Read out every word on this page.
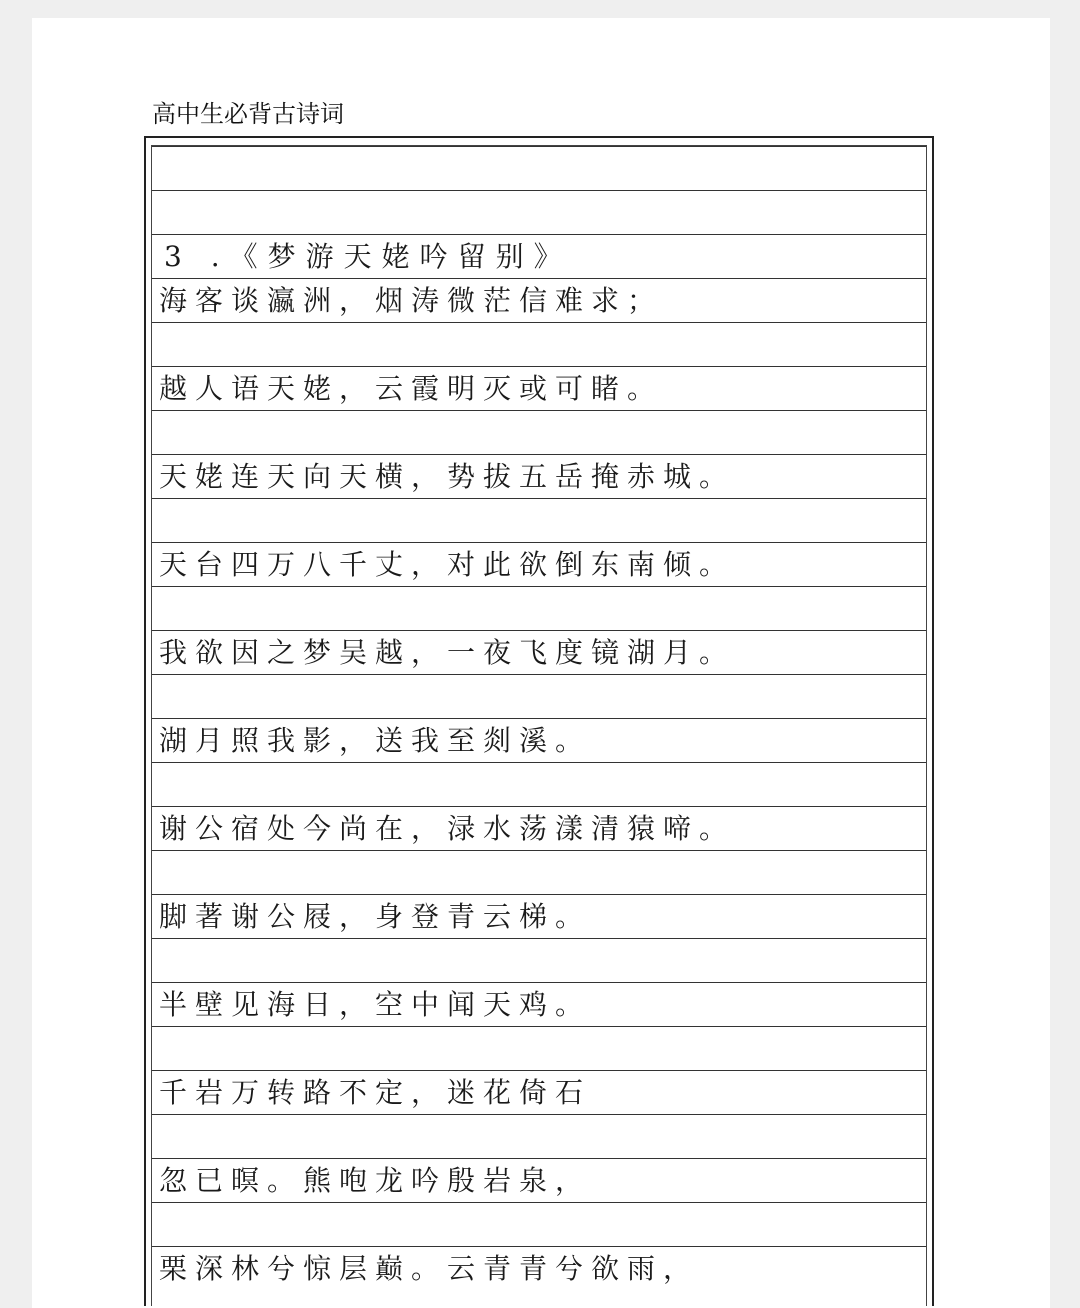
高中生必背古诗词
3 .《梦游天姥吟留别》
海客谈瀛洲，烟涛微茫信难求；
越人语天姥，云霞明灭或可睹。
天姥连天向天横，势拔五岳掩赤城。
天台四万八千丈，对此欲倒东南倾。
我欲因之梦吴越，一夜飞度镜湖月。
湖月照我影，送我至剡溪。
谢公宿处今尚在，渌水荡漾清猿啼。
脚著谢公屐，身登青云梯。
半壁见海日，空中闻天鸡。
千岩万转路不定，迷花倚石
忽已暝。熊咆龙吟殷岩泉，
栗深林兮惊层巅。云青青兮欲雨，
